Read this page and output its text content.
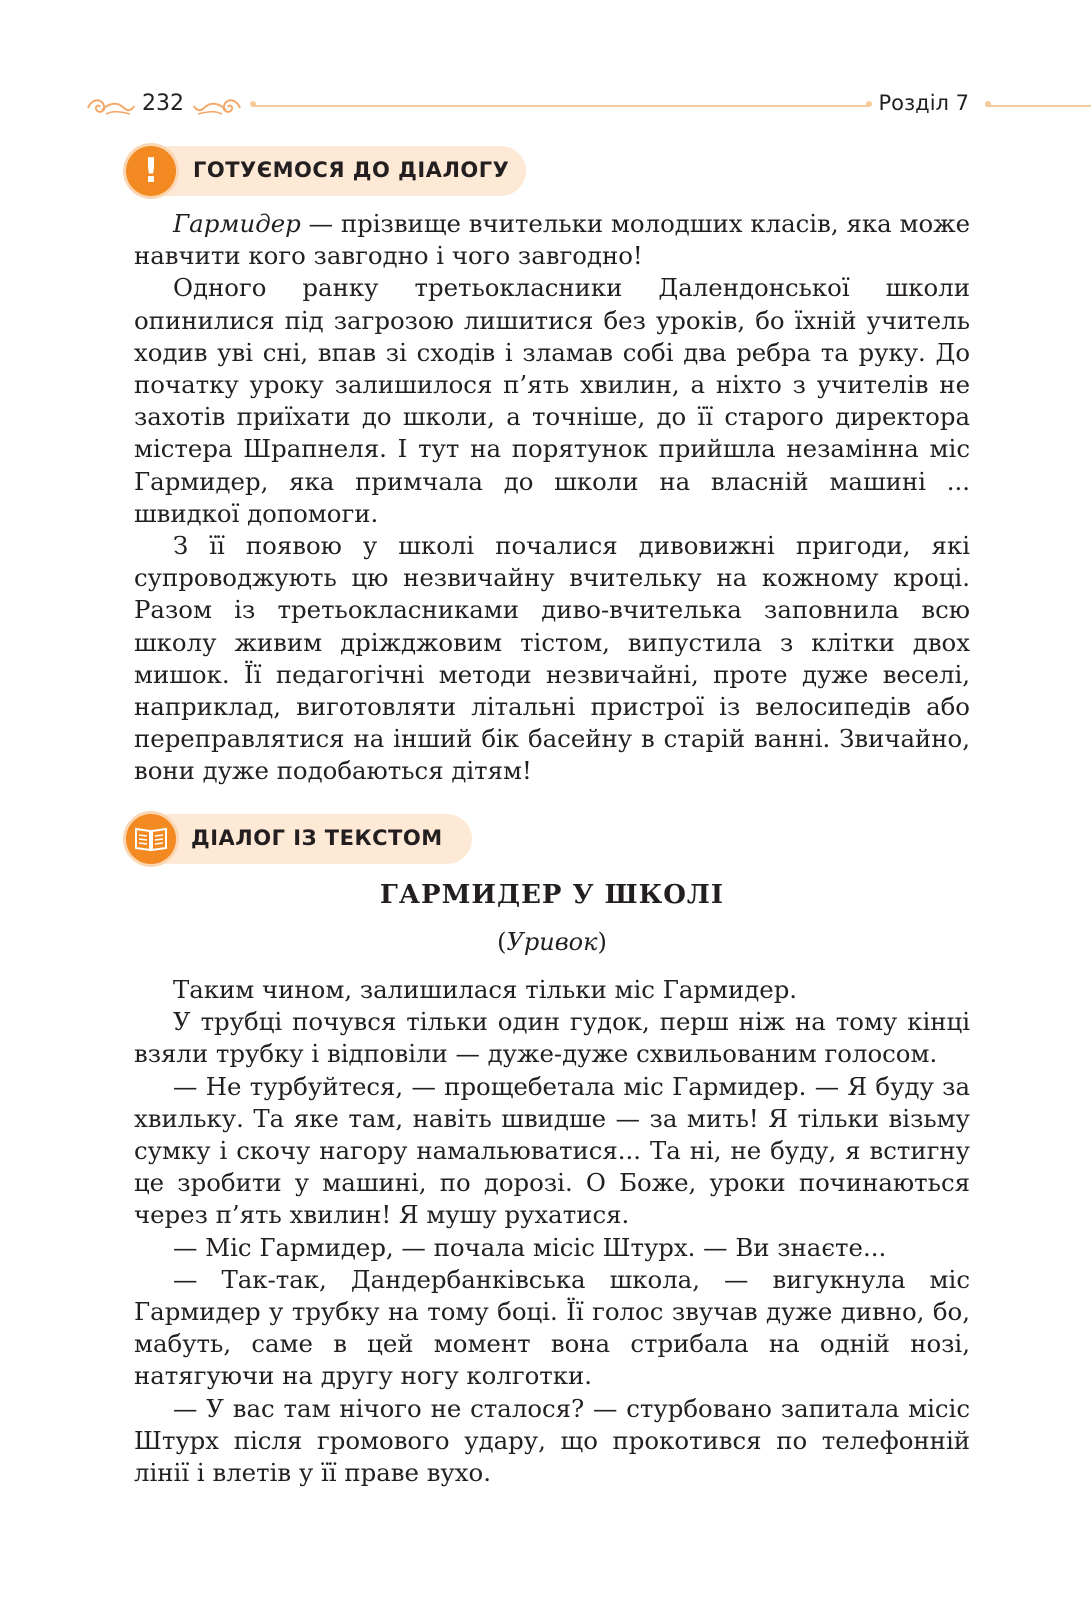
232	Розділ 7
!	ГОТУЄМОСЯ ДО ДІАЛОГУ

Гармидер — прізвище вчительки молодших класів, яка може навчити кого завгодно і чого завгодно!

Одного ранку третьокласники Далендонської школи опинилися під загрозою лишитися без уроків, бо їхній учитель ходив уві сні, впав зі сходів і зламав собі два ребра та руку. До початку уроку залишилося п’ять хвилин, а ніхто з учителів не захотів приїхати до школи, а точніше, до її старого директора містера Шрапнеля. І тут на порятунок прийшла незамінна міс Гармидер, яка примчала до школи на власній машині ... швидкої допомоги.

З її появою у школі почалися дивовижні пригоди, які супроводжують цю незвичайну вчительку на кожному кроці. Разом із третьокласниками диво-вчителька заповнила всю школу живим дріжджовим тістом, випустила з клітки двох мишок. Її педагогічні методи незвичайні, проте дуже веселі, наприклад, виготовляти літальні пристрої із велосипедів або переправлятися на інший бік басейну в старій ванні. Звичайно, вони дуже подобаються дітям!

ДІАЛОГ ІЗ ТЕКСТОМ
ГАРМИДЕР У ШКОЛІ
(Уривок)

Таким чином, залишилася тільки міс Гармидер.

У трубці почувся тільки один гудок, перш ніж на тому кінці взяли трубку і відповіли — дуже-дуже схвильованим голосом.

— Не турбуйтеся, — прощебетала міс Гармидер. — Я буду за хвильку. Та яке там, навіть швидше — за мить! Я тільки візьму сумку і скочу нагору намальюватися... Та ні, не буду, я встигну це зробити у машині, по дорозі. О Боже, уроки починаються через п’ять хвилин! Я мушу рухатися.

— Міс Гармидер, — почала місіс Штурх. — Ви знаєте...

— Так-так, Дандербанківська школа, — вигукнула міс Гармидер у трубку на тому боці. Її голос звучав дуже дивно, бо, мабуть, саме в цей момент вона стрибала на одній нозі, натягуючи на другу ногу колготки.

— У вас там нічого не сталося? — стурбовано запитала місіс Штурх після громового удару, що прокотився по телефонній лінії і влетів у її праве вухо.
